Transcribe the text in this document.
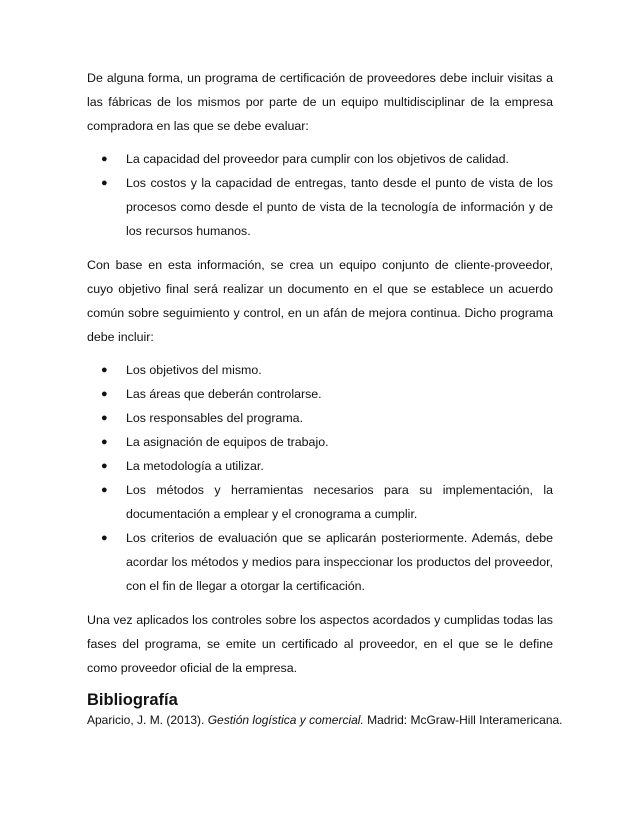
De alguna forma, un programa de certificación de proveedores debe incluir visitas a las fábricas de los mismos por parte de un equipo multidisciplinar de la empresa compradora en las que se debe evaluar:

● La capacidad del proveedor para cumplir con los objetivos de calidad.
● Los costos y la capacidad de entregas, tanto desde el punto de vista de los procesos como desde el punto de vista de la tecnología de información y de los recursos humanos.

Con base en esta información, se crea un equipo conjunto de cliente-proveedor, cuyo objetivo final será realizar un documento en el que se establece un acuerdo común sobre seguimiento y control, en un afán de mejora continua. Dicho programa debe incluir:

● Los objetivos del mismo.
● Las áreas que deberán controlarse.
● Los responsables del programa.
● La asignación de equipos de trabajo.
● La metodología a utilizar.
● Los métodos y herramientas necesarios para su implementación, la documentación a emplear y el cronograma a cumplir.
● Los criterios de evaluación que se aplicarán posteriormente. Además, debe acordar los métodos y medios para inspeccionar los productos del proveedor, con el fin de llegar a otorgar la certificación.

Una vez aplicados los controles sobre los aspectos acordados y cumplidas todas las fases del programa, se emite un certificado al proveedor, en el que se le define como proveedor oficial de la empresa.

Bibliografía

Aparicio, J. M. (2013). Gestión logística y comercial. Madrid: McGraw-Hill Interamericana.
